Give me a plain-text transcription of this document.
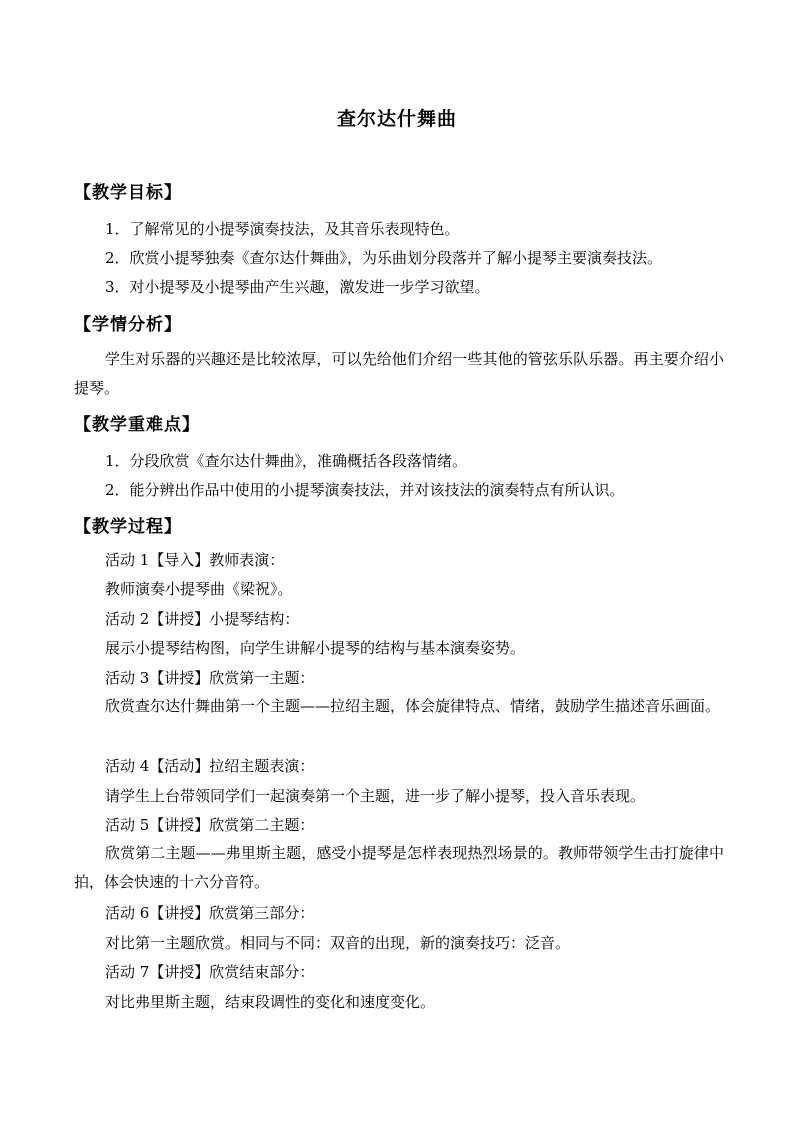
查尔达什舞曲
【教学目标】
1．了解常见的小提琴演奏技法，及其音乐表现特色。
2．欣赏小提琴独奏《查尔达什舞曲》，为乐曲划分段落并了解小提琴主要演奏技法。
3．对小提琴及小提琴曲产生兴趣，激发进一步学习欲望。
【学情分析】
学生对乐器的兴趣还是比较浓厚，可以先给他们介绍一些其他的管弦乐队乐器。再主要介绍小提琴。
【教学重难点】
1．分段欣赏《查尔达什舞曲》，准确概括各段落情绪。
2．能分辨出作品中使用的小提琴演奏技法，并对该技法的演奏特点有所认识。
【教学过程】
活动 1【导入】教师表演：
教师演奏小提琴曲《梁祝》。
活动 2【讲授】小提琴结构：
展示小提琴结构图，向学生讲解小提琴的结构与基本演奏姿势。
活动 3【讲授】欣赏第一主题：
欣赏查尔达什舞曲第一个主题——拉绍主题，体会旋律特点、情绪，鼓励学生描述音乐画面。
活动 4【活动】拉绍主题表演：
请学生上台带领同学们一起演奏第一个主题，进一步了解小提琴，投入音乐表现。
活动 5【讲授】欣赏第二主题：
欣赏第二主题——弗里斯主题，感受小提琴是怎样表现热烈场景的。教师带领学生击打旋律中拍，体会快速的十六分音符。
活动 6【讲授】欣赏第三部分：
对比第一主题欣赏。相同与不同：双音的出现，新的演奏技巧：泛音。
活动 7【讲授】欣赏结束部分：
对比弗里斯主题，结束段调性的变化和速度变化。
